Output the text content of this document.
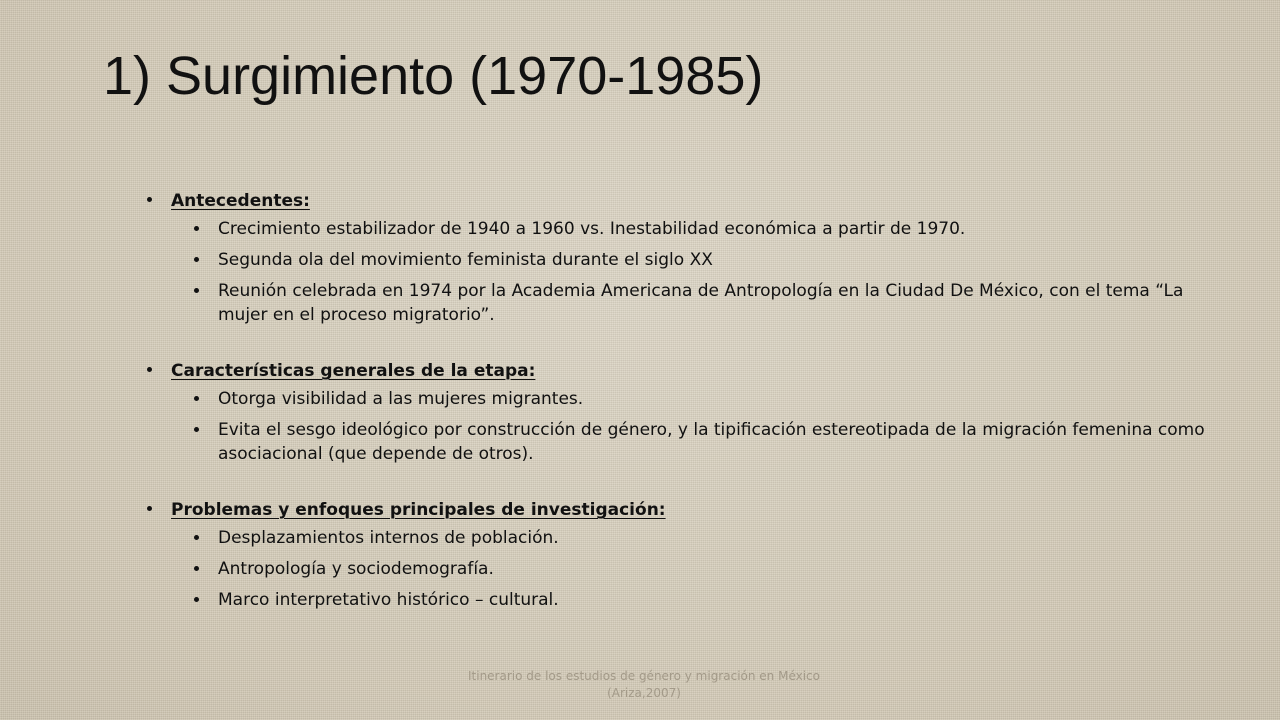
1) Surgimiento (1970-1985)
Antecedentes:
Crecimiento estabilizador de 1940 a 1960 vs. Inestabilidad económica a partir de 1970.
Segunda ola del movimiento feminista durante el siglo XX
Reunión celebrada en 1974 por la Academia Americana de Antropología en la Ciudad De México, con el tema “La mujer en el proceso migratorio”.
Características generales de la etapa:
Otorga visibilidad a las mujeres migrantes.
Evita el sesgo ideológico por construcción de género, y la tipificación estereotipada de la migración femenina como asociacional (que depende de otros).
Problemas y enfoques principales de investigación:
Desplazamientos internos de población.
Antropología y sociodemografía.
Marco interpretativo histórico – cultural.
Itinerario de los estudios de género y migración en México
(Ariza,2007)
